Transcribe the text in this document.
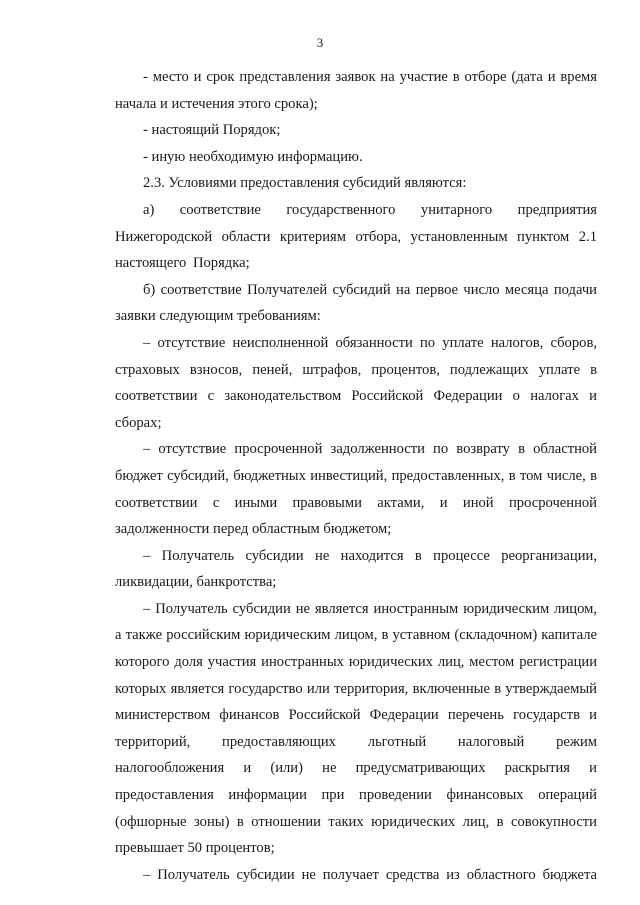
3

- место и срок представления заявок на участие в отборе (дата и время начала и истечения этого срока);

- настоящий Порядок;

- иную необходимую информацию.

2.3. Условиями предоставления субсидий являются:

а) соответствие государственного унитарного предприятия Нижегородской области критериям отбора, установленным пунктом 2.1 настоящего Порядка;

б) соответствие Получателей субсидий на первое число месяца подачи заявки следующим требованиям:

– отсутствие неисполненной обязанности по уплате налогов, сборов, страховых взносов, пеней, штрафов, процентов, подлежащих уплате в соответствии с законодательством Российской Федерации о налогах и сборах;

– отсутствие просроченной задолженности по возврату в областной бюджет субсидий, бюджетных инвестиций, предоставленных, в том числе, в соответствии с иными правовыми актами, и иной просроченной задолженности перед областным бюджетом;

– Получатель субсидии не находится в процессе реорганизации, ликвидации, банкротства;

– Получатель субсидии не является иностранным юридическим лицом, а также российским юридическим лицом, в уставном (складочном) капитале которого доля участия иностранных юридических лиц, местом регистрации которых является государство или территория, включенные в утверждаемый министерством финансов Российской Федерации перечень государств и территорий, предоставляющих льготный налоговый режим налогообложения и (или) не предусматривающих раскрытия и предоставления информации при проведении финансовых операций (офшорные зоны) в отношении таких юридических лиц, в совокупности превышает 50 процентов;

– Получатель субсидии не получает средства из областного бюджета
